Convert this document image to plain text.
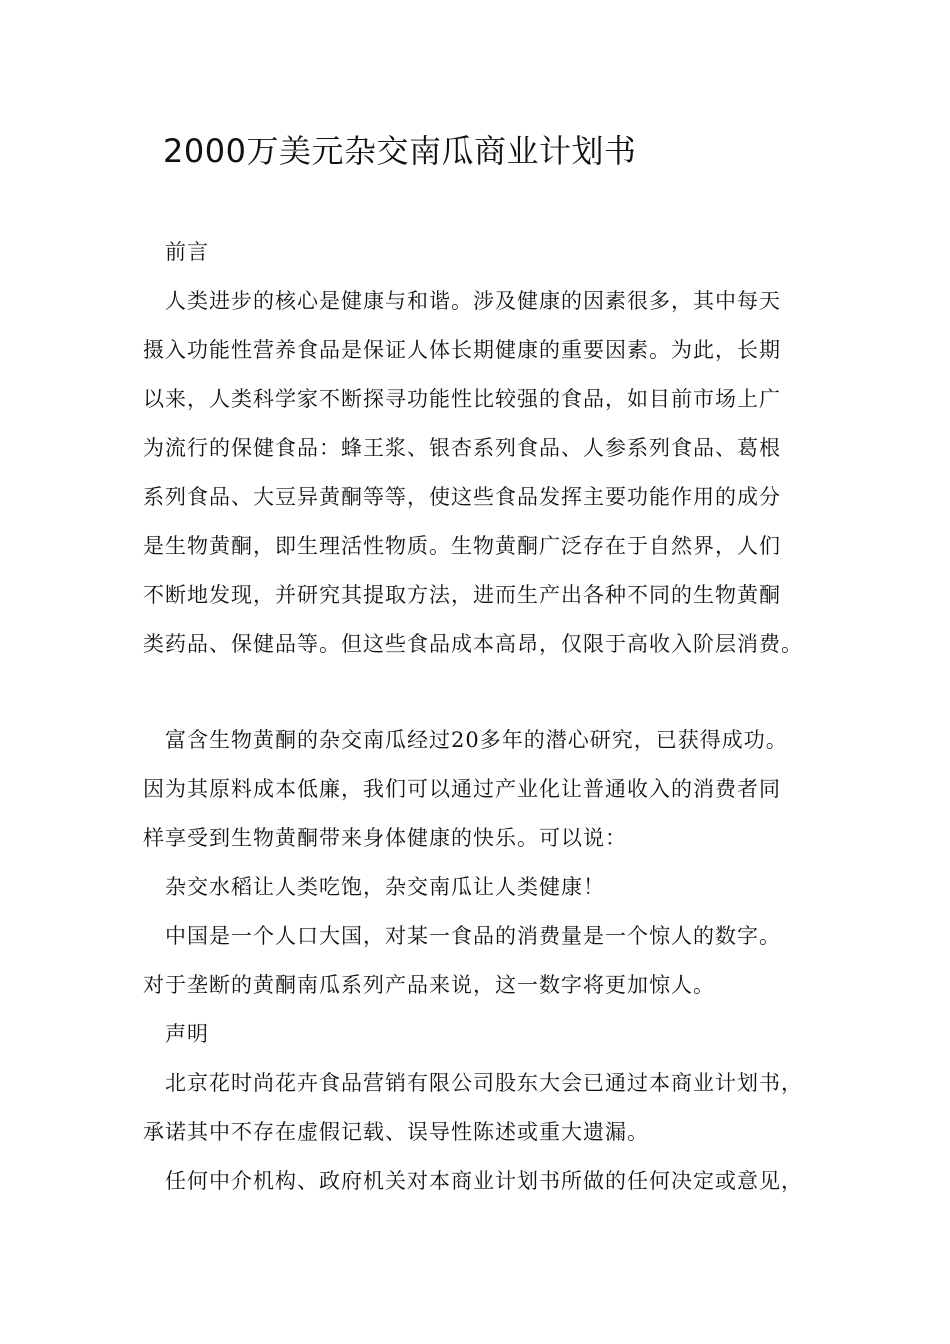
2000万美元杂交南瓜商业计划书

前言

人类进步的核心是健康与和谐。涉及健康的因素很多，其中每天

摄入功能性营养食品是保证人体长期健康的重要因素。为此，长期

以来，人类科学家不断探寻功能性比较强的食品，如目前市场上广

为流行的保健食品：蜂王浆、银杏系列食品、人参系列食品、葛根

系列食品、大豆异黄酮等等，使这些食品发挥主要功能作用的成分

是生物黄酮，即生理活性物质。生物黄酮广泛存在于自然界，人们

不断地发现，并研究其提取方法，进而生产出各种不同的生物黄酮

类药品、保健品等。但这些食品成本高昂，仅限于高收入阶层消费。

富含生物黄酮的杂交南瓜经过20多年的潜心研究，已获得成功。

因为其原料成本低廉，我们可以通过产业化让普通收入的消费者同

样享受到生物黄酮带来身体健康的快乐。可以说：

杂交水稻让人类吃饱，杂交南瓜让人类健康！

中国是一个人口大国，对某一食品的消费量是一个惊人的数字。

对于垄断的黄酮南瓜系列产品来说，这一数字将更加惊人。

声明

北京花时尚花卉食品营销有限公司股东大会已通过本商业计划书，

承诺其中不存在虚假记载、误导性陈述或重大遗漏。

任何中介机构、政府机关对本商业计划书所做的任何决定或意见，
